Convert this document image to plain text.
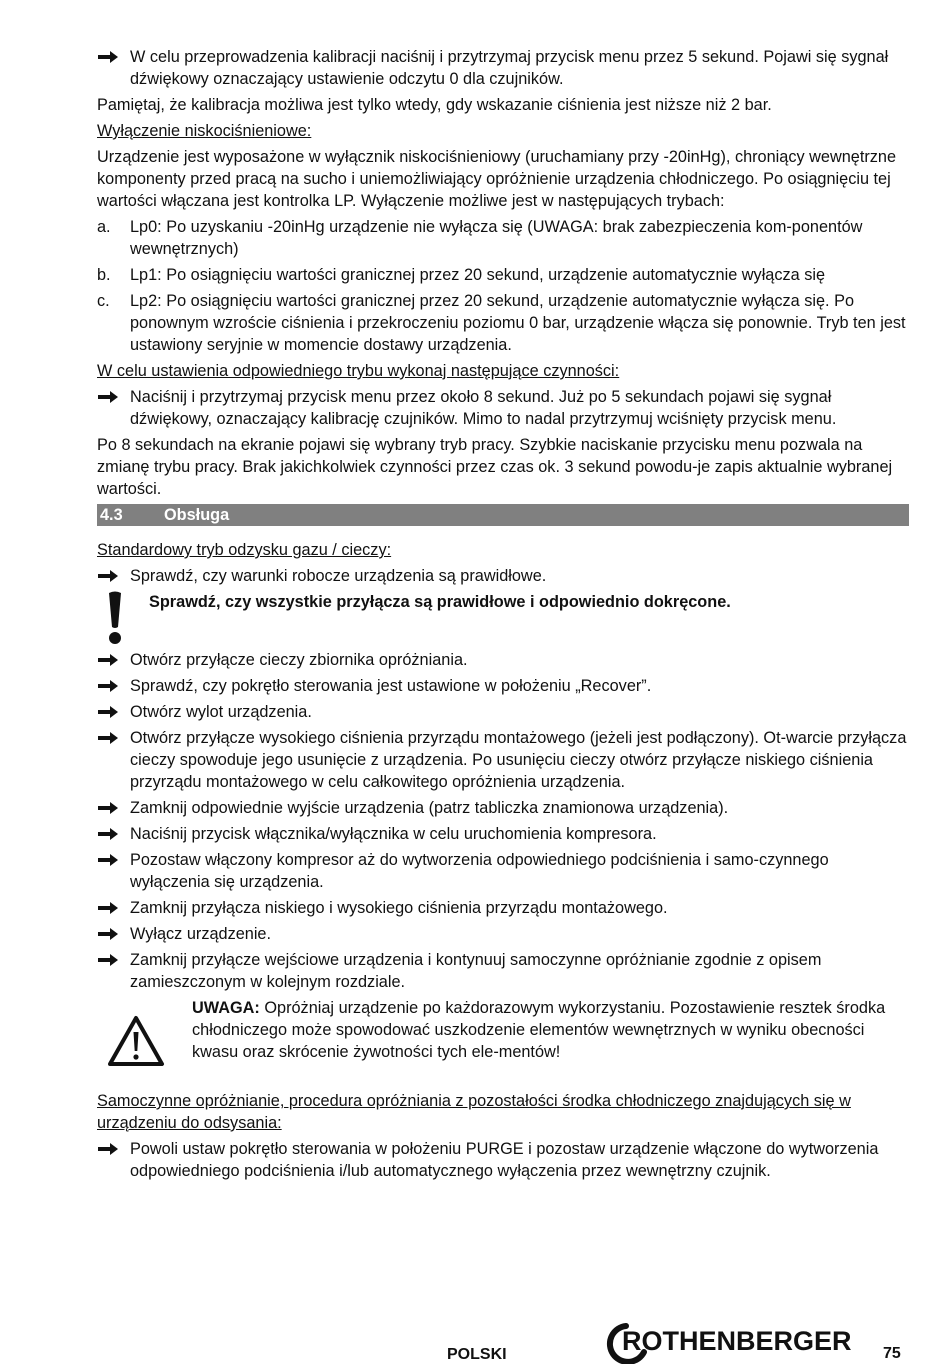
W celu przeprowadzenia kalibracji naciśnij i przytrzymaj przycisk menu przez 5 sekund. Pojawi się sygnał dźwiękowy oznaczający ustawienie odczytu 0 dla czujników.

Pamiętaj, że kalibracja możliwa jest tylko wtedy, gdy wskazanie ciśnienia jest niższe niż 2 bar.

Wyłączenie niskociśnieniowe:

Urządzenie jest wyposażone w wyłącznik niskociśnieniowy (uruchamiany przy -20inHg), chroniący wewnętrzne komponenty przed pracą na sucho i uniemożliwiający opróżnienie urządzenia chłodniczego. Po osiągnięciu tej wartości włączana jest kontrolka LP. Wyłączenie możliwe jest w następujących trybach:

a. Lp0: Po uzyskaniu -20inHg urządzenie nie wyłącza się (UWAGA: brak zabezpieczenia kom-ponentów wewnętrznych)
b. Lp1: Po osiągnięciu wartości granicznej przez 20 sekund, urządzenie automatycznie wyłącza się
c. Lp2: Po osiągnięciu wartości granicznej przez 20 sekund, urządzenie automatycznie wyłącza się. Po ponownym wzroście ciśnienia i przekroczeniu poziomu 0 bar, urządzenie włącza się ponownie. Tryb ten jest ustawiony seryjnie w momencie dostawy urządzenia.

W celu ustawienia odpowiedniego trybu wykonaj następujące czynności:

Naciśnij i przytrzymaj przycisk menu przez około 8 sekund. Już po 5 sekundach pojawi się sygnał dźwiękowy, oznaczający kalibrację czujników. Mimo to nadal przytrzymuj wciśnięty przycisk menu.

Po 8 sekundach na ekranie pojawi się wybrany tryb pracy. Szybkie naciskanie przycisku menu pozwala na zmianę trybu pracy. Brak jakichkolwiek czynności przez czas ok. 3 sekund powodu-je zapis aktualnie wybranej wartości.

4.3	Obsługa

Standardowy tryb odzysku gazu / cieczy:

Sprawdź, czy warunki robocze urządzenia są prawidłowe.
Sprawdź, czy wszystkie przyłącza są prawidłowe i odpowiednio dokręcone.
Otwórz przyłącze cieczy zbiornika opróżniania.
Sprawdź, czy pokrętło sterowania jest ustawione w położeniu „Recover”.
Otwórz wylot urządzenia.
Otwórz przyłącze wysokiego ciśnienia przyrządu montażowego (jeżeli jest podłączony). Ot-warcie przyłącza cieczy spowoduje jego usunięcie z urządzenia. Po usunięciu cieczy otwórz przyłącze niskiego ciśnienia przyrządu montażowego w celu całkowitego opróżnienia urządzenia.
Zamknij odpowiednie wyjście urządzenia (patrz tabliczka znamionowa urządzenia).
Naciśnij przycisk włącznika/wyłącznika w celu uruchomienia kompresora.
Pozostaw włączony kompresor aż do wytworzenia odpowiedniego podciśnienia i samo-czynnego wyłączenia się urządzenia.
Zamknij przyłącza niskiego i wysokiego ciśnienia przyrządu montażowego.
Wyłącz urządzenie.
Zamknij przyłącze wejściowe urządzenia i kontynuuj samoczynne opróżnianie zgodnie z opisem zamieszczonym w kolejnym rozdziale.
UWAGA: Opróżniaj urządzenie po każdorazowym wykorzystaniu. Pozostawienie resztek środka chłodniczego może spowodować uszkodzenie elementów wewnętrznych w wyniku obecności kwasu oraz skrócenie żywotności tych ele-mentów!

Samoczynne opróżnianie, procedura opróżniania z pozostałości środka chłodniczego znajdujących się w urządzeniu do odsysania:

Powoli ustaw pokrętło sterowania w położeniu PURGE i pozostaw urządzenie włączone do wytworzenia odpowiedniego podciśnienia i/lub automatycznego wyłączenia przez wewnętrzny czujnik.
POLSKI	ROTHENBERGER 75
